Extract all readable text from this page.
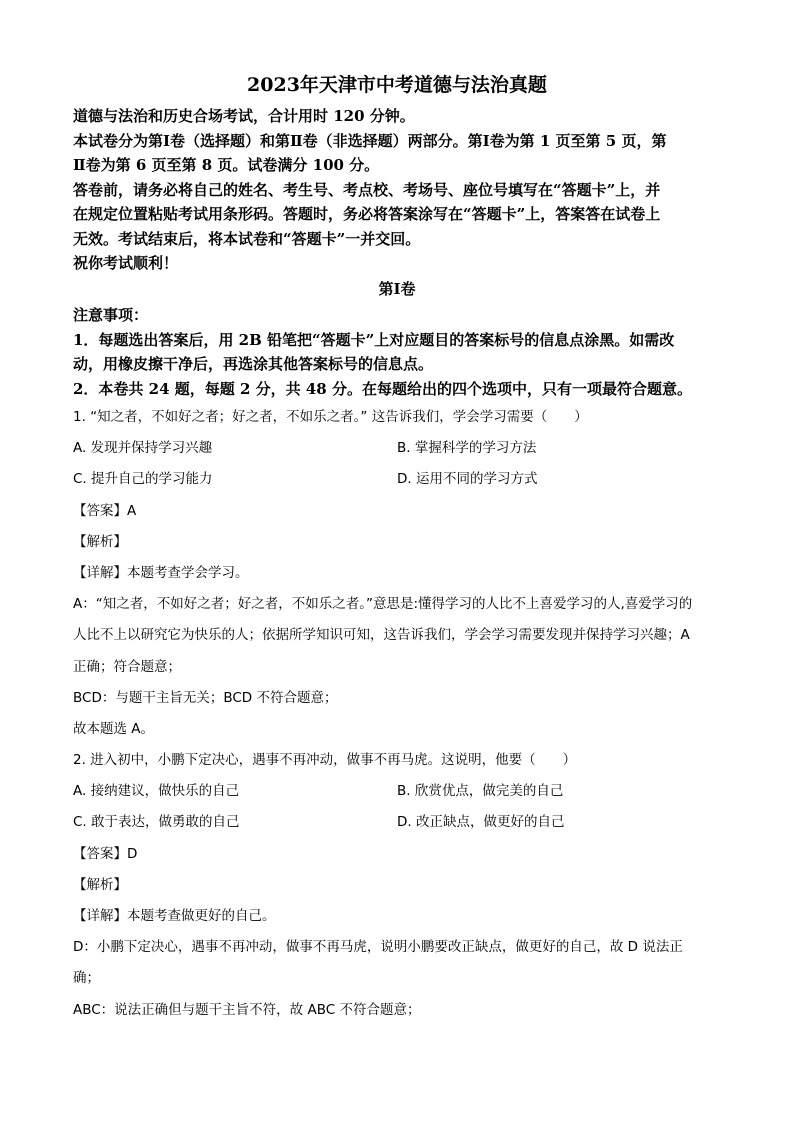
2023年天津市中考道德与法治真题
道德与法治和历史合场考试，合计用时 120 分钟。
本试卷分为第Ⅰ卷（选择题）和第Ⅱ卷（非选择题）两部分。第Ⅰ卷为第 1 页至第 5 页，第
Ⅱ卷为第 6 页至第 8 页。试卷满分 100 分。
答卷前，请务必将自己的姓名、考生号、考点校、考场号、座位号填写在“答题卡”上，并
在规定位置粘贴考试用条形码。答题时，务必将答案涂写在“答题卡”上，答案答在试卷上
无效。考试结束后，将本试卷和“答题卡”一并交回。
祝你考试顺利！
第Ⅰ卷
注意事项：
1．每题选出答案后，用 2B 铅笔把“答题卡”上对应题目的答案标号的信息点涂黑。如需改
动，用橡皮擦干净后，再选涂其他答案标号的信息点。
2．本卷共 24 题，每题 2 分，共 48 分。在每题给出的四个选项中，只有一项最符合题意。
1. “知之者，不如好之者；好之者，不如乐之者。” 这告诉我们，学会学习需要（　　）
A. 发现并保持学习兴趣	B. 掌握科学的学习方法
C. 提升自己的学习能力	D. 运用不同的学习方式
【答案】A
【解析】
【详解】本题考查学会学习。
A：“知之者，不如好之者；好之者，不如乐之者。”意思是:懂得学习的人比不上喜爱学习的人,喜爱学习的
人比不上以研究它为快乐的人；依据所学知识可知，这告诉我们，学会学习需要发现并保持学习兴趣；A
正确；符合题意；
BCD：与题干主旨无关；BCD 不符合题意；
故本题选 A。
2. 进入初中，小鹏下定决心，遇事不再冲动，做事不再马虎。这说明，他要（　　）
A. 接纳建议，做快乐的自己	B. 欣赏优点，做完美的自己
C. 敢于表达，做勇敢的自己	D. 改正缺点，做更好的自己
【答案】D
【解析】
【详解】本题考查做更好的自己。
D：小鹏下定决心，遇事不再冲动，做事不再马虎，说明小鹏要改正缺点，做更好的自己，故 D 说法正
确；
ABC：说法正确但与题干主旨不符，故 ABC 不符合题意；
